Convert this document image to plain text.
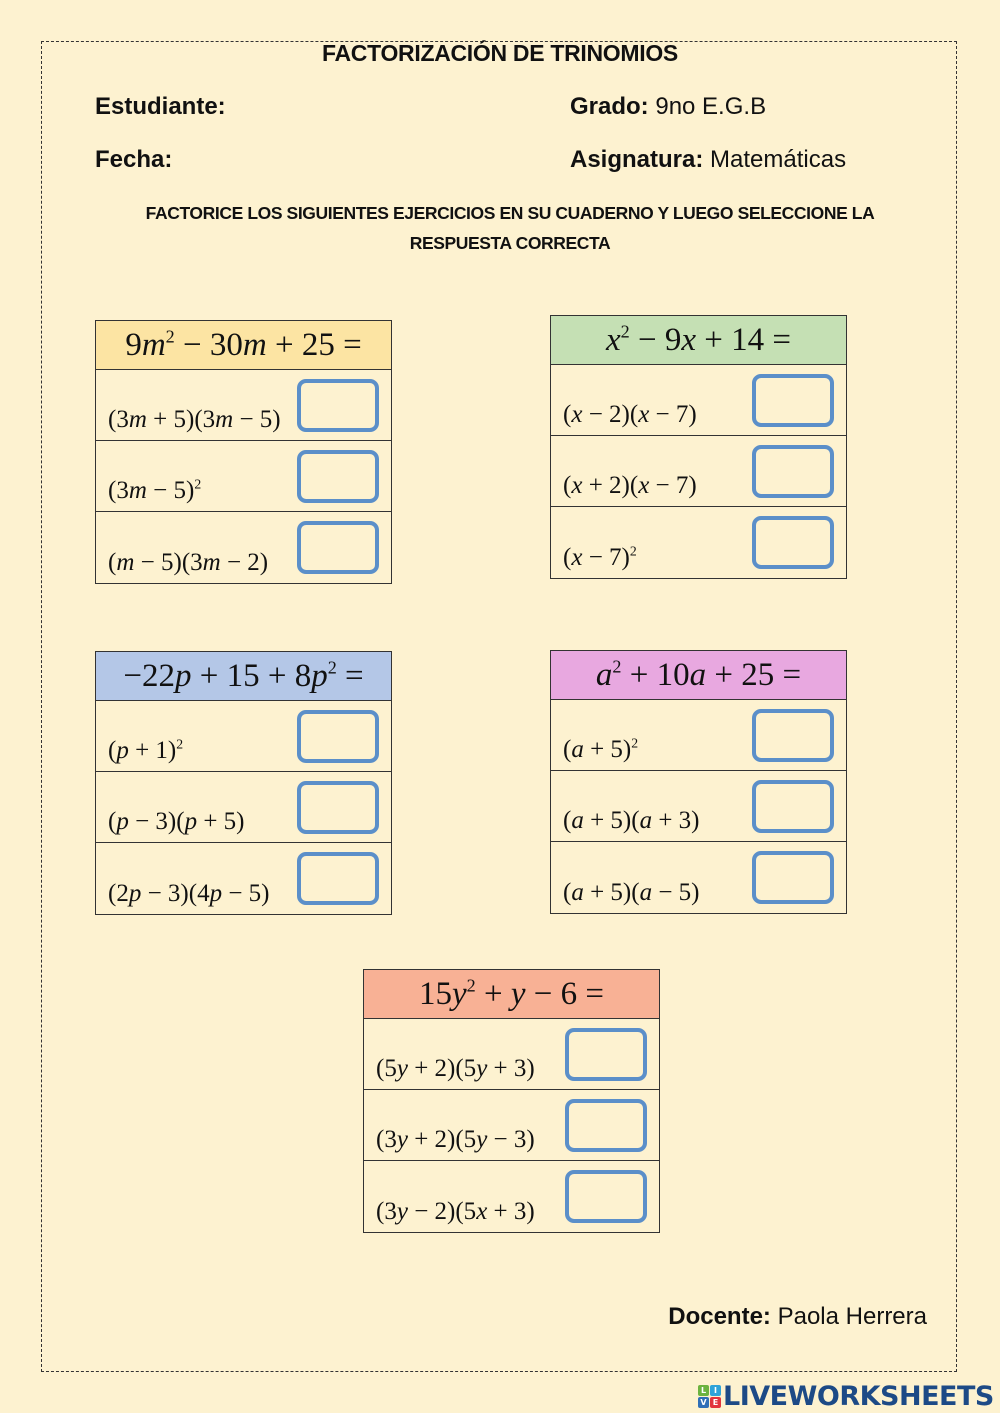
FACTORIZACIÓN DE TRINOMIOS
Estudiante:	Grado: 9no E.G.B
Fecha:	Asignatura: Matemáticas
FACTORICE LOS SIGUIENTES EJERCICIOS EN SU CUADERNO Y LUEGO SELECCIONE LA RESPUESTA CORRECTA
$9m^2 - 30m + 25$ =
(3m + 5)(3m − 5)
$(3m - 5)^2$
(m − 5)(3m − 2)
$x^2 - 9x + 14$ =
(x − 2)(x − 7)
(x + 2)(x − 7)
$(x - 7)^2$
$-22p + 15 + 8p^2$ =
$(p + 1)^2$
(p − 3)(p + 5)
(2p − 3)(4p − 5)
$a^2 + 10a + 25$ =
$(a + 5)^2$
(a + 5)(a + 3)
(a + 5)(a − 5)
$15y^2 + y - 6$ =
(5y + 2)(5y + 3)
(3y + 2)(5y − 3)
(3y − 2)(5x + 3)
Docente: Paola Herrera
L I
V E LIVEWORKSHEETS
